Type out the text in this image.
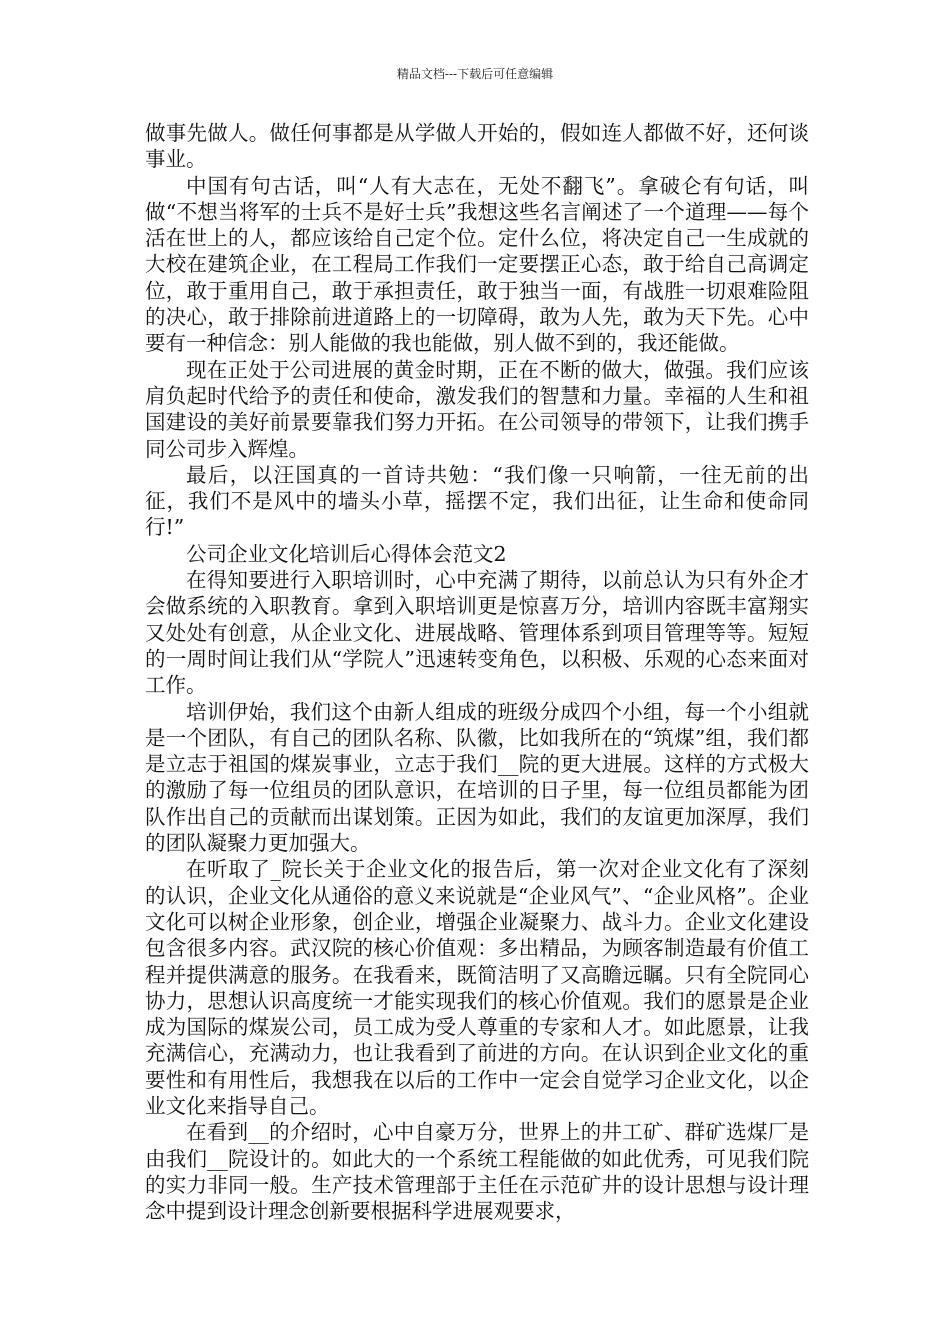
精品文档---下载后可任意编辑

做事先做人。做任何事都是从学做人开始的，假如连人都做不好，还何谈事业。

中国有句古话，叫“人有大志在，无处不翻飞”。拿破仑有句话，叫做“不想当将军的士兵不是好士兵”我想这些名言阐述了一个道理——每个活在世上的人，都应该给自己定个位。定什么位，将决定自己一生成就的大校在建筑企业，在工程局工作我们一定要摆正心态，敢于给自己高调定位，敢于重用自己，敢于承担责任，敢于独当一面，有战胜一切艰难险阻的决心，敢于排除前进道路上的一切障碍，敢为人先，敢为天下先。心中要有一种信念：别人能做的我也能做，别人做不到的，我还能做。

现在正处于公司进展的黄金时期，正在不断的做大，做强。我们应该肩负起时代给予的责任和使命，激发我们的智慧和力量。幸福的人生和祖国建设的美好前景要靠我们努力开拓。在公司领导的带领下，让我们携手同公司步入辉煌。

最后，以汪国真的一首诗共勉：“我们像一只响箭，一往无前的出征，我们不是风中的墙头小草，摇摆不定，我们出征，让生命和使命同行!”

公司企业文化培训后心得体会范文2

在得知要进行入职培训时，心中充满了期待，以前总认为只有外企才会做系统的入职教育。拿到入职培训更是惊喜万分，培训内容既丰富翔实又处处有创意，从企业文化、进展战略、管理体系到项目管理等等。短短的一周时间让我们从“学院人”迅速转变角色，以积极、乐观的心态来面对工作。

培训伊始，我们这个由新人组成的班级分成四个小组，每一个小组就是一个团队，有自己的团队名称、队徽，比如我所在的“筑煤”组，我们都是立志于祖国的煤炭事业，立志于我们__院的更大进展。这样的方式极大的激励了每一位组员的团队意识，在培训的日子里，每一位组员都能为团队作出自己的贡献而出谋划策。正因为如此，我们的友谊更加深厚，我们的团队凝聚力更加强大。

在听取了_院长关于企业文化的报告后，第一次对企业文化有了深刻的认识，企业文化从通俗的意义来说就是“企业风气”、“企业风格”。企业文化可以树企业形象，创企业，增强企业凝聚力、战斗力。企业文化建设包含很多内容。武汉院的核心价值观：多出精品，为顾客制造最有价值工程并提供满意的服务。在我看来，既简洁明了又高瞻远瞩。只有全院同心协力，思想认识高度统一才能实现我们的核心价值观。我们的愿景是企业成为国际的煤炭公司，员工成为受人尊重的专家和人才。如此愿景，让我充满信心，充满动力，也让我看到了前进的方向。在认识到企业文化的重要性和有用性后，我想我在以后的工作中一定会自觉学习企业文化，以企业文化来指导自己。

在看到__的介绍时，心中自豪万分，世界上的井工矿、群矿选煤厂是由我们__院设计的。如此大的一个系统工程能做的如此优秀，可见我们院的实力非同一般。生产技术管理部于主任在示范矿井的设计思想与设计理念中提到设计理念创新要根据科学进展观要求，
